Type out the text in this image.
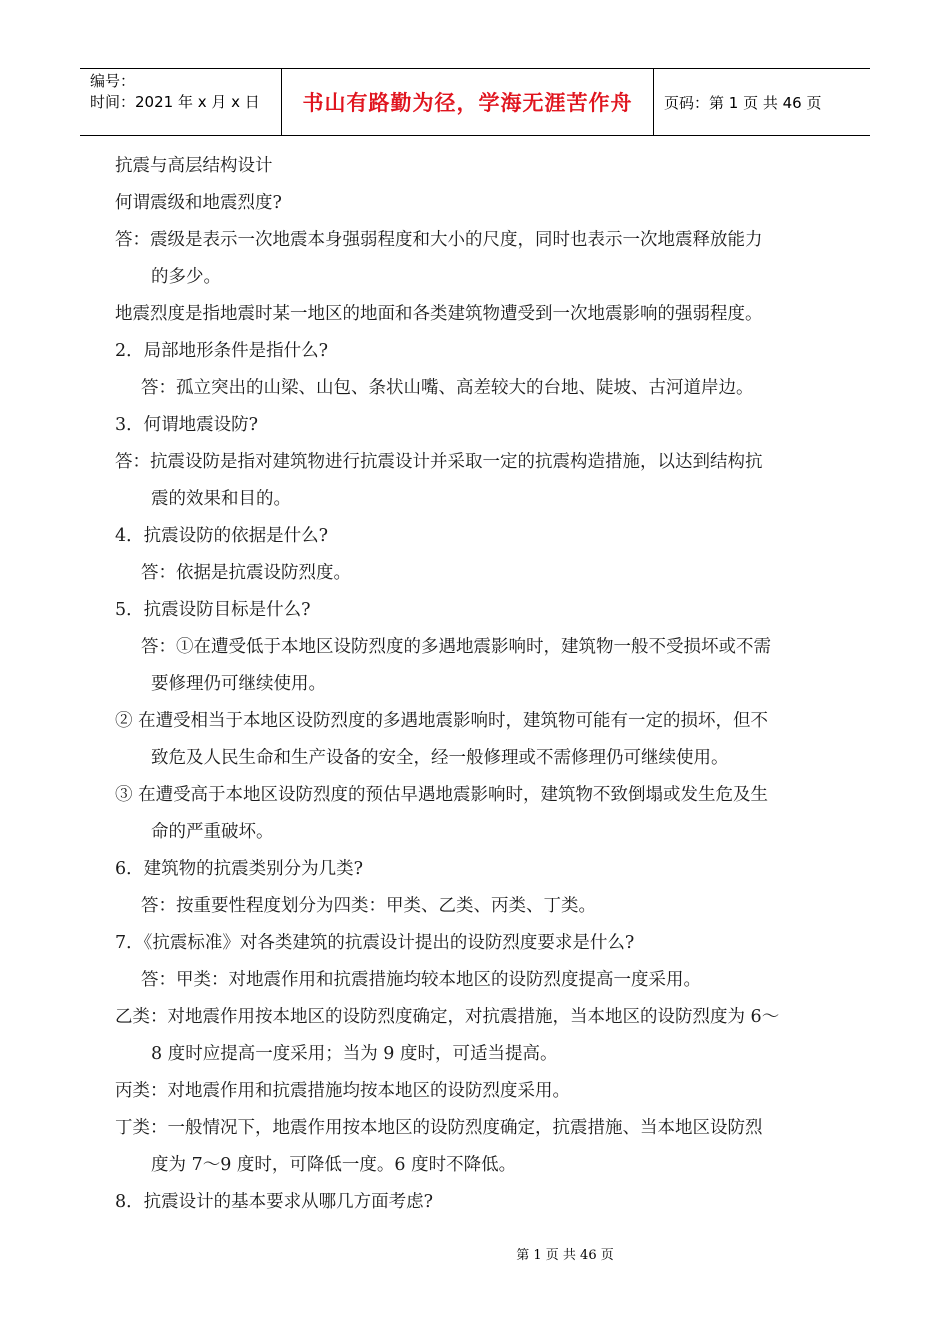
编号：
时间：2021 年 x 月 x 日	书山有路勤为径，学海无涯苦作舟 页码：第 1 页 共 46 页
抗震与高层结构设计
何谓震级和地震烈度?
答：震级是表示一次地震本身强弱程度和大小的尺度，同时也表示一次地震释放能力
的多少。
地震烈度是指地震时某一地区的地面和各类建筑物遭受到一次地震影响的强弱程度。
2．局部地形条件是指什么?
答：孤立突出的山梁、山包、条状山嘴、高差较大的台地、陡坡、古河道岸边。
3．何谓地震设防?
答：抗震设防是指对建筑物进行抗震设计并采取一定的抗震构造措施，以达到结构抗
震的效果和目的。
4．抗震设防的依据是什么?
答：依据是抗震设防烈度。
5．抗震设防目标是什么?
答：①在遭受低于本地区设防烈度的多遇地震影响时，建筑物一般不受损坏或不需
要修理仍可继续使用。
② 在遭受相当于本地区设防烈度的多遇地震影响时，建筑物可能有一定的损坏，但不
致危及人民生命和生产设备的安全，经一般修理或不需修理仍可继续使用。
③ 在遭受高于本地区设防烈度的预估早遇地震影响时，建筑物不致倒塌或发生危及生
命的严重破坏。
6．建筑物的抗震类别分为几类?
答：按重要性程度划分为四类：甲类、乙类、丙类、丁类。
7．《抗震标准》对各类建筑的抗震设计提出的设防烈度要求是什么?
答：甲类：对地震作用和抗震措施均较本地区的设防烈度提高一度采用。
乙类：对地震作用按本地区的设防烈度确定，对抗震措施，当本地区的设防烈度为 6～
8 度时应提高一度采用；当为 9 度时，可适当提高。
丙类：对地震作用和抗震措施均按本地区的设防烈度采用。
丁类：一般情况下，地震作用按本地区的设防烈度确定，抗震措施、当本地区设防烈
度为 7～9 度时，可降低一度。6 度时不降低。
8．抗震设计的基本要求从哪几方面考虑?
第 1 页 共 46 页
